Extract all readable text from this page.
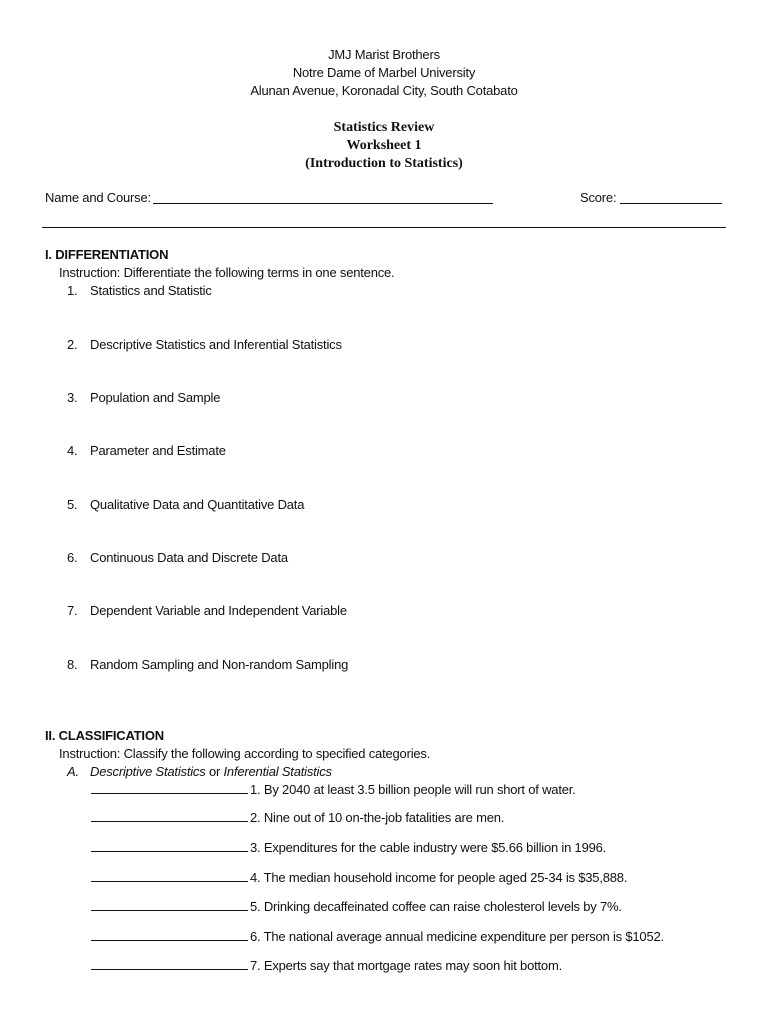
JMJ Marist Brothers
Notre Dame of Marbel University
Alunan Avenue, Koronadal City, South Cotabato
Statistics Review
Worksheet 1
(Introduction to Statistics)
Name and Course:	Score:
I. DIFFERENTIATION
Instruction: Differentiate the following terms in one sentence.
1. Statistics and Statistic
2. Descriptive Statistics and Inferential Statistics
3. Population and Sample
4. Parameter and Estimate
5. Qualitative Data and Quantitative Data
6. Continuous Data and Discrete Data
7. Dependent Variable and Independent Variable
8. Random Sampling and Non-random Sampling
II. CLASSIFICATION
Instruction: Classify the following according to specified categories.
A. Descriptive Statistics or Inferential Statistics
1. By 2040 at least 3.5 billion people will run short of water.
2. Nine out of 10 on-the-job fatalities are men.
3. Expenditures for the cable industry were $5.66 billion in 1996.
4. The median household income for people aged 25-34 is $35,888.
5. Drinking decaffeinated coffee can raise cholesterol levels by 7%.
6. The national average annual medicine expenditure per person is $1052.
7. Experts say that mortgage rates may soon hit bottom.
